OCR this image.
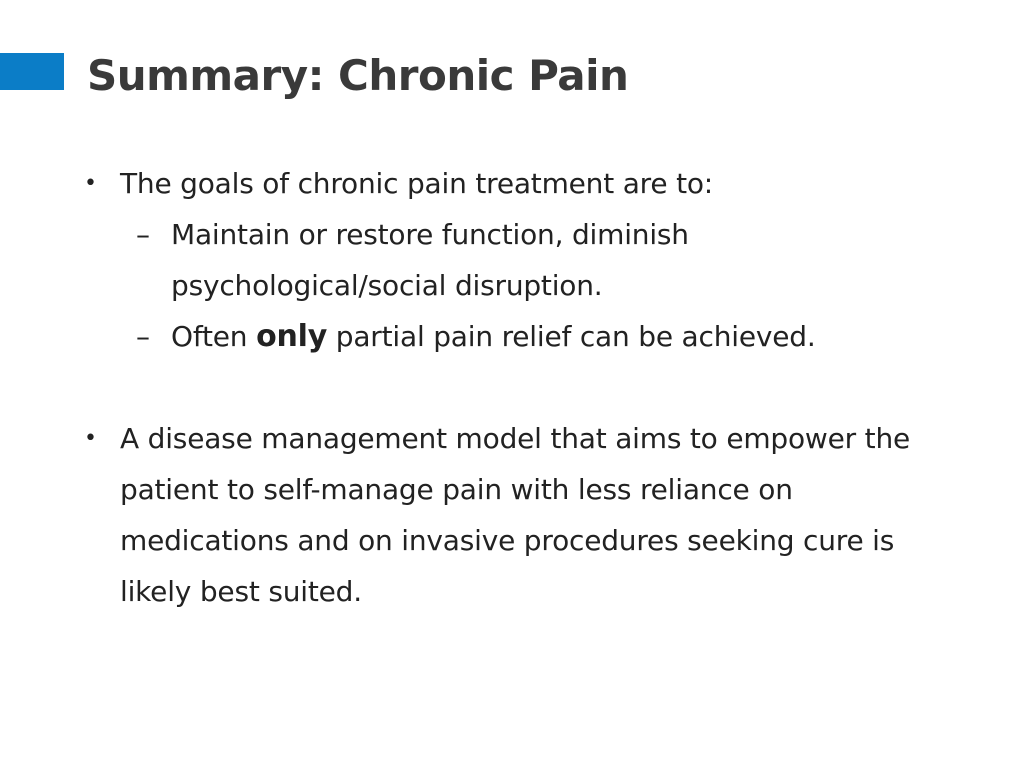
Summary: Chronic Pain
• The goals of chronic pain treatment are to:
– Maintain or restore function, diminish psychological/social disruption.
– Often only partial pain relief can be achieved.
• A disease management model that aims to empower the patient to self-manage pain with less reliance on medications and on invasive procedures seeking cure is likely best suited.
